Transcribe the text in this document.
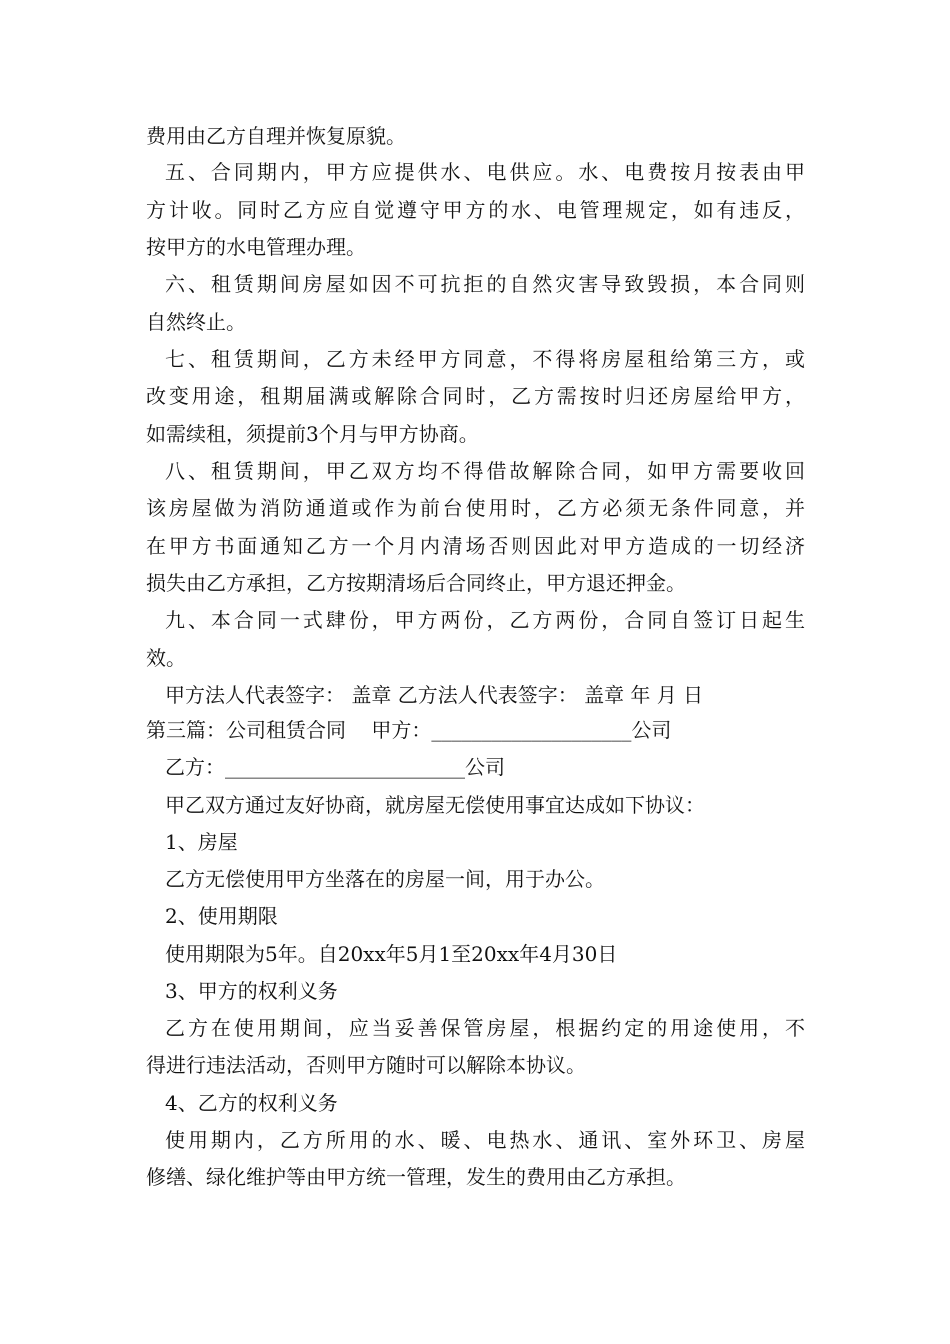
费用由乙方自理并恢复原貌。
五、合同期内，甲方应提供水、电供应。水、电费按月按表由甲
方计收。同时乙方应自觉遵守甲方的水、电管理规定，如有违反，
按甲方的水电管理办理。
六、租赁期间房屋如因不可抗拒的自然灾害导致毁损，本合同则
自然终止。
七、租赁期间，乙方未经甲方同意，不得将房屋租给第三方，或
改变用途，租期届满或解除合同时，乙方需按时归还房屋给甲方，
如需续租，须提前3个月与甲方协商。
八、租赁期间，甲乙双方均不得借故解除合同，如甲方需要收回
该房屋做为消防通道或作为前台使用时，乙方必须无条件同意，并
在甲方书面通知乙方一个月内清场否则因此对甲方造成的一切经济
损失由乙方承担，乙方按期清场后合同终止，甲方退还押金。
九、本合同一式肆份，甲方两份，乙方两份，合同自签订日起生
效。
甲方法人代表签字： 盖章 乙方法人代表签字： 盖章 年 月 日
第三篇：公司租赁合同    甲方：____________________公司
乙方：________________________公司
甲乙双方通过友好协商，就房屋无偿使用事宜达成如下协议：
1、房屋
乙方无偿使用甲方坐落在的房屋一间，用于办公。
2、使用期限
使用期限为5年。自20xx年5月1至20xx年4月30日
3、甲方的权利义务
乙方在使用期间，应当妥善保管房屋，根据约定的用途使用，不
得进行违法活动，否则甲方随时可以解除本协议。
4、乙方的权利义务
使用期内，乙方所用的水、暖、电热水、通讯、室外环卫、房屋
修缮、绿化维护等由甲方统一管理，发生的费用由乙方承担。
